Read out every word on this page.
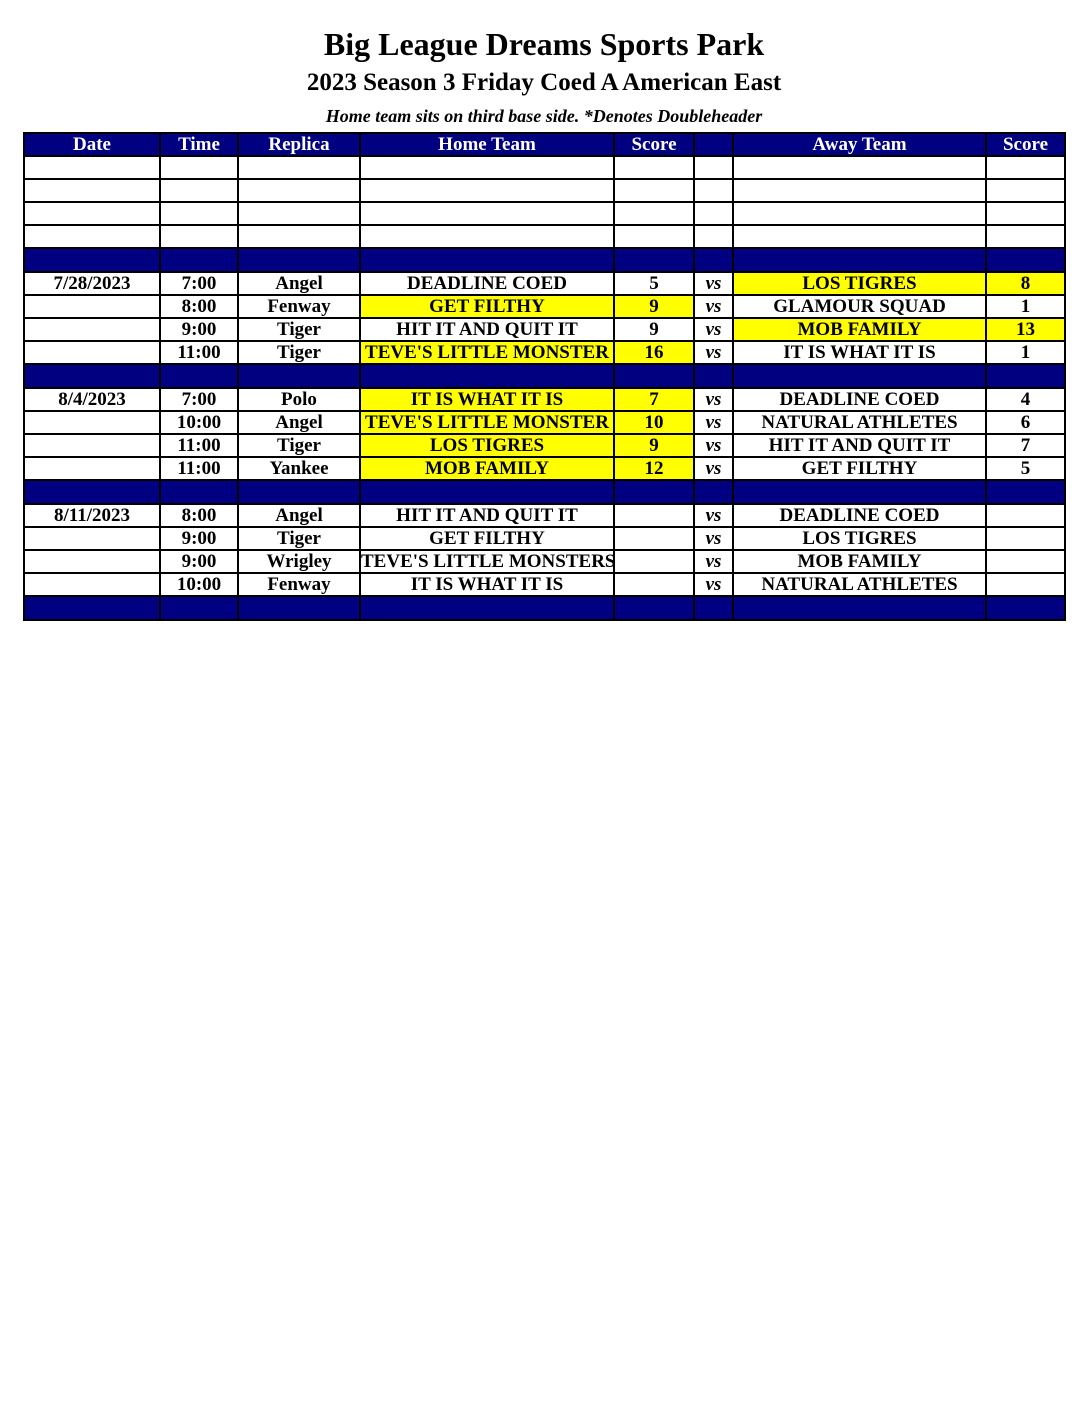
Big League Dreams Sports Park
2023 Season 3 Friday Coed A American East
Home team sits on third base side. *Denotes Doubleheader
Date	Time	Replica	Home Team	Score		Away Team	Score

7/28/2023	7:00	Angel	DEADLINE COED	5	vs	LOS TIGRES	8
	8:00	Fenway	GET FILTHY	9	vs	GLAMOUR SQUAD	1
	9:00	Tiger	HIT IT AND QUIT IT	9	vs	MOB FAMILY	13
	11:00	Tiger	TEVE'S LITTLE MONSTER	16	vs	IT IS WHAT IT IS	1

8/4/2023	7:00	Polo	IT IS WHAT IT IS	7	vs	DEADLINE COED	4
	10:00	Angel	TEVE'S LITTLE MONSTER	10	vs	NATURAL ATHLETES	6
	11:00	Tiger	LOS TIGRES	9	vs	HIT IT AND QUIT IT	7
	11:00	Yankee	MOB FAMILY	12	vs	GET FILTHY	5

8/11/2023	8:00	Angel	HIT IT AND QUIT IT		vs	DEADLINE COED	
	9:00	Tiger	GET FILTHY		vs	LOS TIGRES	
	9:00	Wrigley	TEVE'S LITTLE MONSTERS		vs	MOB FAMILY	
	10:00	Fenway	IT IS WHAT IT IS		vs	NATURAL ATHLETES	
